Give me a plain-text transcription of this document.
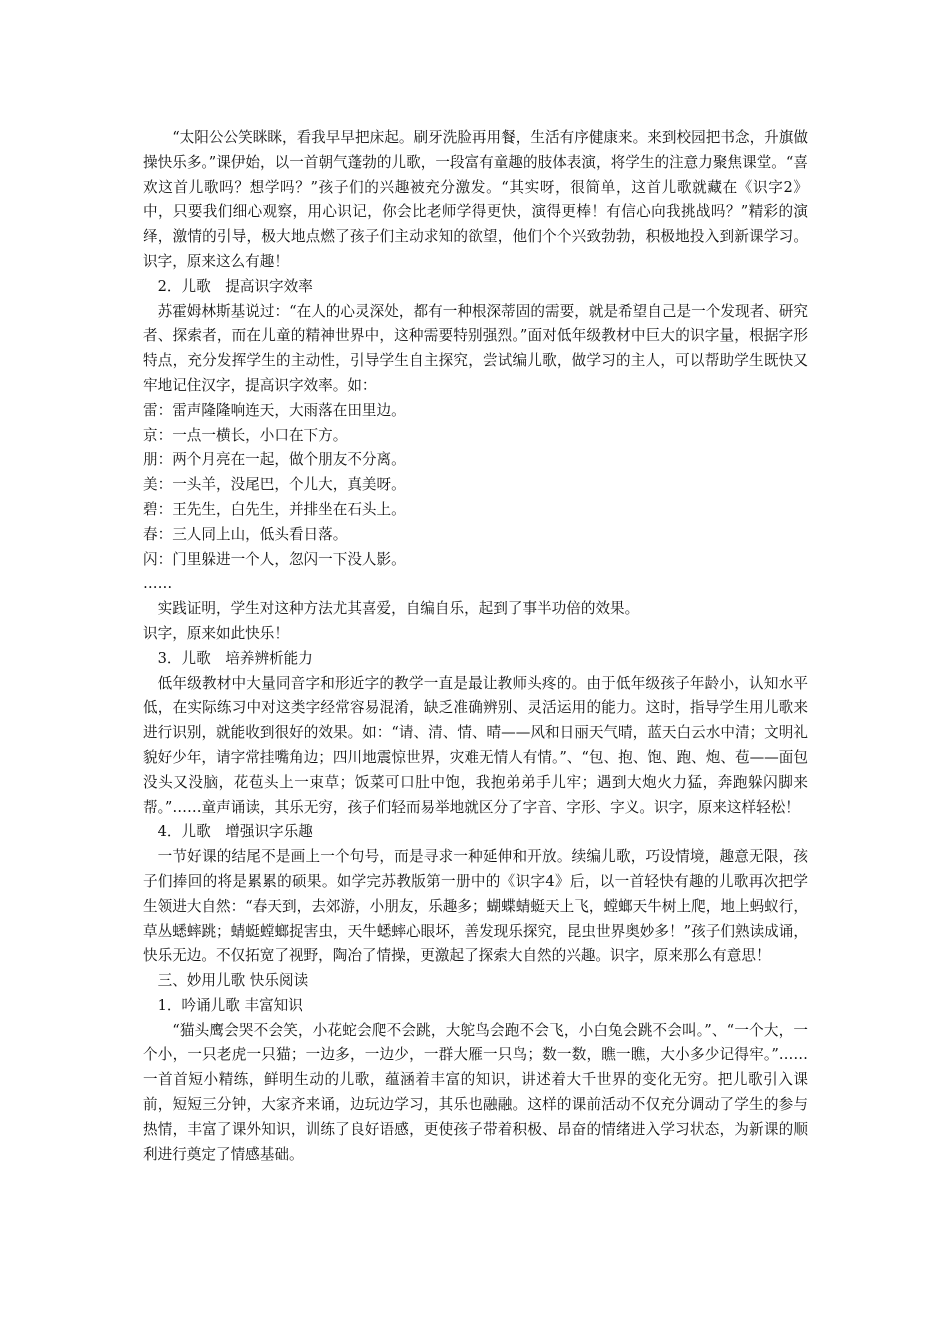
“太阳公公笑眯眯，看我早早把床起。刷牙洗脸再用餐，生活有序健康来。来到校园把书念，升旗做操快乐多。”课伊始，以一首朝气蓬勃的儿歌，一段富有童趣的肢体表演，将学生的注意力聚焦课堂。“喜欢这首儿歌吗？想学吗？”孩子们的兴趣被充分激发。“其实呀，很简单，这首儿歌就藏在《识字2》中，只要我们细心观察，用心识记，你会比老师学得更快，演得更棒！有信心向我挑战吗？”精彩的演绎，激情的引导，极大地点燃了孩子们主动求知的欲望，他们个个兴致勃勃，积极地投入到新课学习。识字，原来这么有趣！

2．儿歌　提高识字效率

苏霍姆林斯基说过：“在人的心灵深处，都有一种根深蒂固的需要，就是希望自己是一个发现者、研究者、探索者，而在儿童的精神世界中，这种需要特别强烈。”面对低年级教材中巨大的识字量，根据字形特点，充分发挥学生的主动性，引导学生自主探究，尝试编儿歌，做学习的主人，可以帮助学生既快又牢地记住汉字，提高识字效率。如：

雷：雷声隆隆响连天，大雨落在田里边。

京：一点一横长，小口在下方。

朋：两个月亮在一起，做个朋友不分离。

美：一头羊，没尾巴，个儿大，真美呀。

碧：王先生，白先生，并排坐在石头上。

春：三人同上山，低头看日落。

闪：门里躲进一个人，忽闪一下没人影。

……

实践证明，学生对这种方法尤其喜爱，自编自乐，起到了事半功倍的效果。

识字，原来如此快乐！

3．儿歌　培养辨析能力

低年级教材中大量同音字和形近字的教学一直是最让教师头疼的。由于低年级孩子年龄小，认知水平低，在实际练习中对这类字经常容易混淆，缺乏准确辨别、灵活运用的能力。这时，指导学生用儿歌来进行识别，就能收到很好的效果。如：“请、清、情、晴——风和日丽天气晴，蓝天白云水中清；文明礼貌好少年，请字常挂嘴角边；四川地震惊世界，灾难无情人有情。”、“包、抱、饱、跑、炮、苞——面包没头又没脑，花苞头上一束草；饭菜可口肚中饱，我抱弟弟手儿牢；遇到大炮火力猛，奔跑躲闪脚来帮。”……童声诵读，其乐无穷，孩子们轻而易举地就区分了字音、字形、字义。识字，原来这样轻松！

4．儿歌　增强识字乐趣

一节好课的结尾不是画上一个句号，而是寻求一种延伸和开放。续编儿歌，巧设情境，趣意无限，孩子们捧回的将是累累的硕果。如学完苏教版第一册中的《识字4》后，以一首轻快有趣的儿歌再次把学生领进大自然：“春天到，去郊游，小朋友，乐趣多；蝴蝶蜻蜓天上飞，螳螂天牛树上爬，地上蚂蚁行，草丛蟋蟀跳；蜻蜓螳螂捉害虫，天牛蟋蟀心眼坏，善发现乐探究，昆虫世界奥妙多！”孩子们熟读成诵，快乐无边。不仅拓宽了视野，陶冶了情操，更激起了探索大自然的兴趣。识字，原来那么有意思！

三、妙用儿歌 快乐阅读

1．吟诵儿歌 丰富知识

“猫头鹰会哭不会笑，小花蛇会爬不会跳，大鸵鸟会跑不会飞，小白兔会跳不会叫。”、“一个大，一个小，一只老虎一只猫；一边多，一边少，一群大雁一只鸟；数一数，瞧一瞧，大小多少记得牢。”……一首首短小精练，鲜明生动的儿歌，蕴涵着丰富的知识，讲述着大千世界的变化无穷。把儿歌引入课前，短短三分钟，大家齐来诵，边玩边学习，其乐也融融。这样的课前活动不仅充分调动了学生的参与热情，丰富了课外知识，训练了良好语感，更使孩子带着积极、昂奋的情绪进入学习状态，为新课的顺利进行奠定了情感基础。
